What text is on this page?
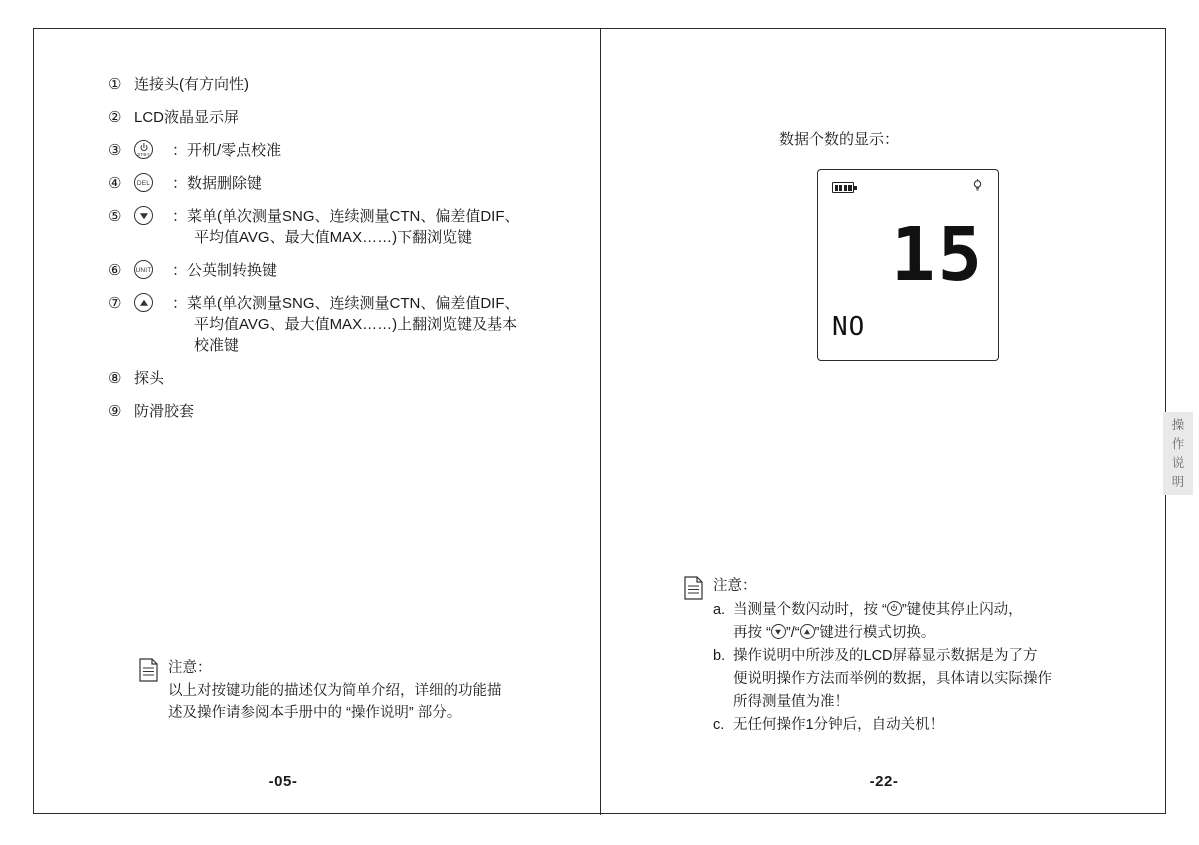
① 连接头(有方向性)
② LCD液晶显示屏
③	STBY ：开机/零点校准
④	DEL ：数据删除键
⑤	：菜单(单次测量SNG、连续测量CTN、偏差值DIF、
平均值AVG、最大值MAX……)下翻浏览键
⑥	UNIT ：公英制转换键
⑦	：菜单(单次测量SNG、连续测量CTN、偏差值DIF、
平均值AVG、最大值MAX……)上翻浏览键及基本
校准键
⑧ 探头
⑨ 防滑胶套
注意：
以上对按键功能的描述仅为简单介绍，详细的功能描
述及操作请参阅本手册中的 “操作说明” 部分。
-05-
数据个数的显示：
15
NO
注意：
a. 当测量个数闪动时，按 “ ”键使其停止闪动，
再按 “ ”/“ ”键进行模式切换。
b. 操作说明中所涉及的LCD屏幕显示数据是为了方
便说明操作方法而举例的数据，具体请以实际操作
所得测量值为准！
c. 无任何操作1分钟后，自动关机！
-22-
操
作
说
明
